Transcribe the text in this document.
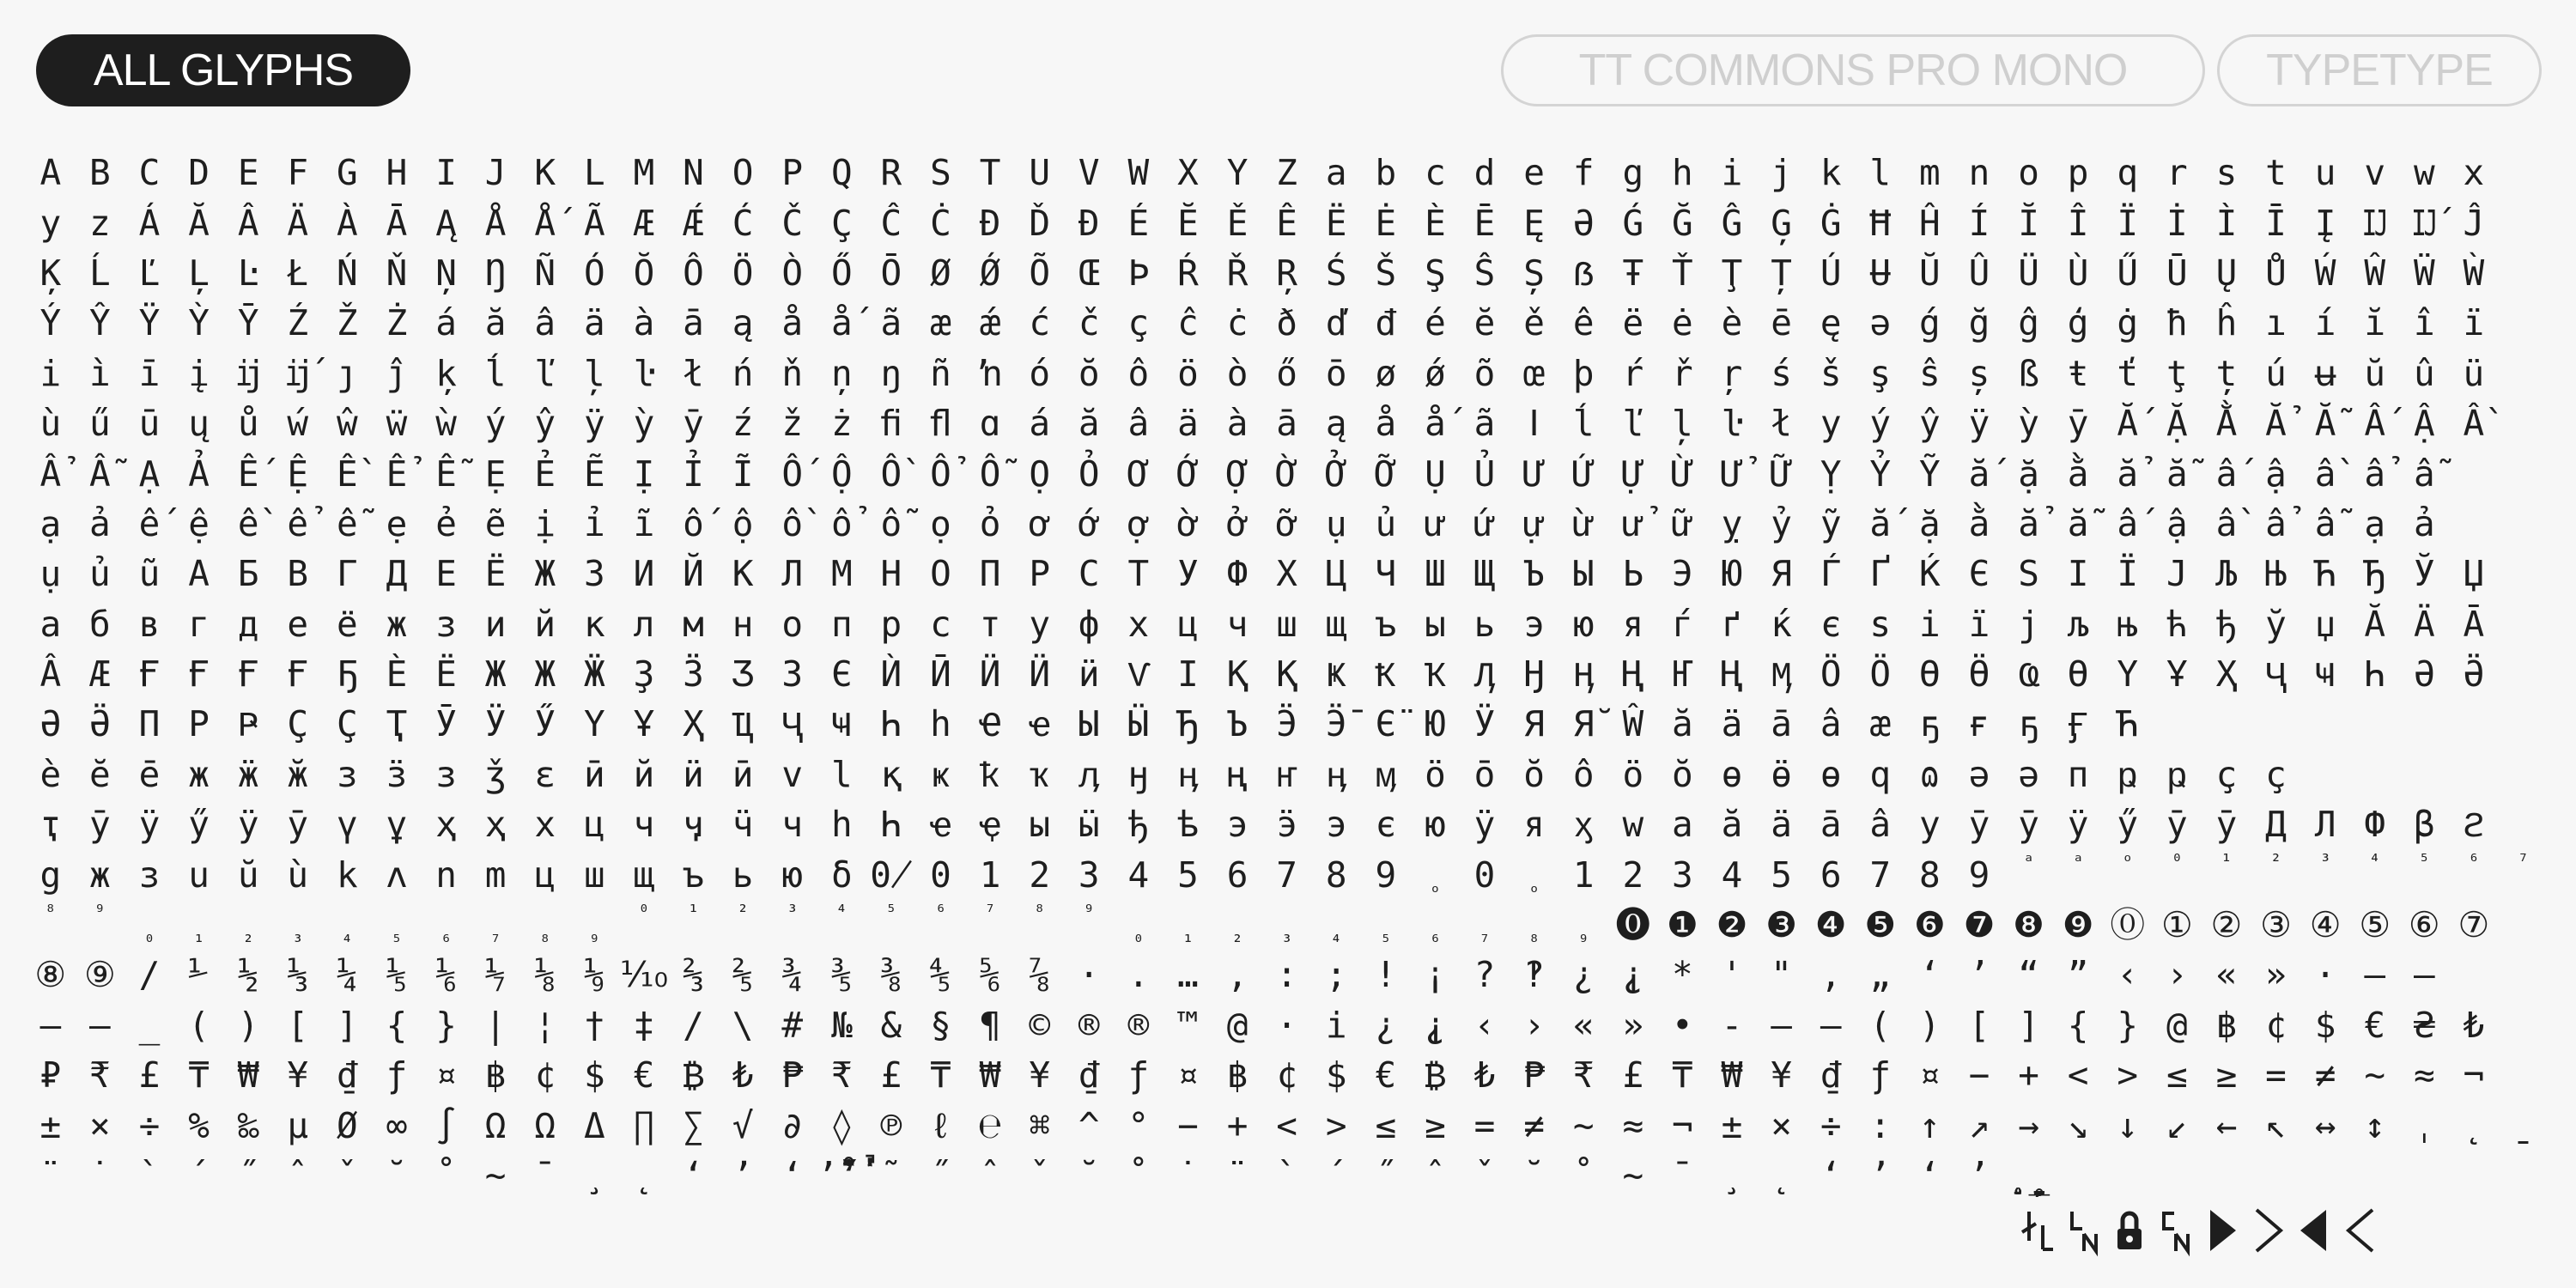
ALL GLYPHS	TT COMMONS PRO MONO	TYPETYPE
A B C D E F G H I J K L M N O P Q R S T U V W X Y Z a b c d e f g h i j k l m n o p q r s t u v w x
y z Á Ă Â Ä À Ā Ą Å Ǻ Ã Æ Ǽ Ć Č Ç Ĉ Ċ Đ Ď Đ É Ĕ Ě Ê Ë Ė È Ē Ę Ə Ǵ Ğ Ĝ Ģ Ġ Ħ Ĥ Í Ĭ Î Ï İ Ì Ī Į Ĳ Ĳ́ Ĵ
Ķ Ĺ Ľ Ļ Ŀ Ł Ń Ň Ņ Ŋ Ñ Ó Ŏ Ô Ö Ò Ő Ō Ø Ǿ Õ Œ Þ Ŕ Ř Ŗ Ś Š Ş Ŝ Ș ẞ Ŧ Ť Ţ Ț Ú Ʉ Ŭ Û Ü Ù Ű Ū Ų Ů Ẃ Ŵ Ẅ Ẁ
Ý Ŷ Ÿ Ỳ Ȳ Ź Ž Ż á ă â ä à ā ą å ǻ ã æ ǽ ć č ç ĉ ċ ð ď đ é ĕ ě ê ë ė è ē ę ə ǵ ğ ĝ ģ ġ ħ ĥ ı í ĭ î ï
i ì ī į ĳ ĳ́ ȷ ĵ ķ ĺ ľ ļ ŀ ł ń ň ņ ŋ ñ ŉ ó ŏ ô ö ò ő ō ø ǿ õ œ þ ŕ ř ŗ ś š ş ŝ ș ß ŧ ť ţ ț ú ʉ ŭ û ü
ù ű ū ų ů ẃ ŵ ẅ ẁ ý ŷ ÿ ỳ ȳ ź ž ż ﬁ ﬂ ɑ á ă â ä à ā ą å ǻ ã ǀ ĺ ľ ļ ŀ ł y ý ŷ ÿ ỳ ȳ Ắ Ặ Ằ Ẳ Ẵ Ấ Ậ Ầ
Ẩ Ẫ Ạ Ả Ế Ệ Ề Ể Ễ Ẹ Ẻ Ẽ Ị Ỉ Ĩ Ố Ộ Ồ Ổ Ỗ Ọ Ỏ Ơ Ớ Ợ Ờ Ở Ỡ Ụ Ủ Ư Ứ Ự Ừ Ử Ữ Ỵ Ỷ Ỹ ắ ặ ằ ẳ ẵ ấ ậ ầ ẩ ẫ
ạ ả ế ệ ề ể ễ ẹ ẻ ẽ ị ỉ ĩ ố ộ ồ ổ ỗ ọ ỏ ơ ớ ợ ờ ở ỡ ụ ủ ư ứ ự ừ ử ữ ỵ ỷ ỹ ắ ặ ằ ẳ ẵ ấ ậ ầ ẩ ẫ ạ ả
ụ ủ ũ А Б В Г Д Е Ё Ж З И Й К Л М Н О П Р С Т У Ф Х Ц Ч Ш Щ Ъ Ы Ь Э Ю Я Ѓ Ґ Ќ Є Ѕ І Ї Ј Љ Њ Ћ Ђ Ў Џ
а б в г д е ё ж з и й к л м н о п р с т у ф х ц ч ш щ ъ ы ь э ю я ѓ ґ ќ є ѕ і ї ј љ њ ћ ђ ў џ Ӑ Ӓ Ā
Â Æ Ғ Ғ Ғ Ғ Ҕ Ѐ Ё Ж Ж Ӝ Ҙ Ӟ Ӡ З Є Ѝ Ӣ Ӥ Ӥ ӥ Ѵ Ӏ Қ Қ Ҝ Ҟ Ҡ Ӆ Ӈ Ӊ Ң Ҥ Ң Ӎ Ӧ Ӧ Ө Ӫ Ҩ Ө Ү Ұ Ҳ Ҷ Ҹ Һ Ә Ӛ
Ә Ӛ П Р Ҏ Ç Ҫ Ҭ Ӯ Ӱ Ӳ Ү Ұ Ҳ Ҵ Ҷ Ҹ Һ һ Ҽ ҽ Ы Ӹ Ђ Ъ Ӭ Ӭ̄ Є̈ Ю Ӱ Я Я̆ Ŵ ă ä ā â æ ҕ ғ ҕ Ӻ Ћ
è ĕ ē ж ӝ ӂ з ӟ з ǯ ε ӣ й ӥ ӣ v l қ ҝ ҟ ҡ ӆ ӈ ӊ ң ҥ ӊ ӎ ö ō ŏ ô ö ŏ ө ӫ ө q ɷ ə ə п ҏ ҏ ç ç
ҭ ӯ ӱ ӳ ӱ ӯ ү ұ ҳ ҳ х ц ч ӌ ӵ ч һ Һ ҽ ҿ ы ӹ ђ ѣ э ӭ э є ю ӱ я ӽ w a ă ä ā â y ӯ ӯ ӱ ӳ ӯ ӯ Д Л Ф β ϩ
g ж з u ŭ ù k ʌ n m ц ш щ ъ ь ю δ 0̸ 0 1 2 3 4 5 6 7 8 9	ₒ 0	ₒ 1 2 3 4 5 6 7 8 9	ᵃ	ᵃ	ᵒ	⁰	¹	²	³	⁴	⁵	⁶	⁷
⁸	⁹
₀	₁	₂	₃	₄	₅	₆	₇	₈	₉
⁰	¹	²	³	⁴	⁵	⁶	⁷	⁸	⁹
₀	₁	₂	₃	₄	₅	₆	₇	₈	₉ ⓿ ❶ ❷ ❸ ❹ ❺ ❻ ❼ ❽ ❾ ⓪ ① ② ③ ④ ⑤ ⑥ ⑦
⑧ ⑨ / ⅟ ½ ⅓ ¼ ⅕ ⅙ ⅐ ⅛ ⅑ ⅒ ⅔ ⅖ ¾ ⅗ ⅜ ⅘ ⅚ ⅞ · . … , : ; ! ¡ ? ‽ ¿ ⸘ * ' " , „ ‘ ’ “ ” ‹ › « » · – —
– – _ ( ) [ ] { } | ¦ † ‡ / \ # № & § ¶ © ® ® ™ @ · i ¿ ⸘ ‹ › « » • - – — ( ) [ ] { } @ ฿ ¢ $ € ₴ ₺
₽ ₹ £ ₸ ₩ ¥ ₫ ƒ ¤ ฿ ¢ $ € ₿ ₺ ₱ ₹ £ ₸ ₩ ¥ ₫ ƒ ¤ ฿ ¢ $ € ₿ ₺ ₱ ₹ £ ₸ ₩ ¥ ₫ ƒ ¤ − + < > ≤ ≥ = ≠ ~ ≈ ¬
± × ÷ % ‰ µ Ø ∞ ∫ Ω Ω Δ ∏ ∑ √ ∂ ◊ ℗ ℓ ℮ ⌘ ^ ° − + < > ≤ ≥ = ≠ ~ ≈ ¬ ± × ÷ : ↑ ↗ → ↘ ↓ ↙ ← ↖ ↔ ↕ ˌ ˛ ˍ
¨ ˙ ` ´ ˝ ˆ ˇ ˘ ˚ ~ ¯ ¸ ˛ ʻ ʼ ‘ ’̈̇̀́̋̂̌̆̊̃̄̒̓̔̕̚ ˜ ˝ ˆ ˇ ˘ ˚ ˙ ¨ ` ´ ˝ ˆ ˇ ˘ ˚ ~ ¯ ¸ ˛ ʻ ʼ ‘ ’ ̧̨̦̣̤̥̮̱̲
